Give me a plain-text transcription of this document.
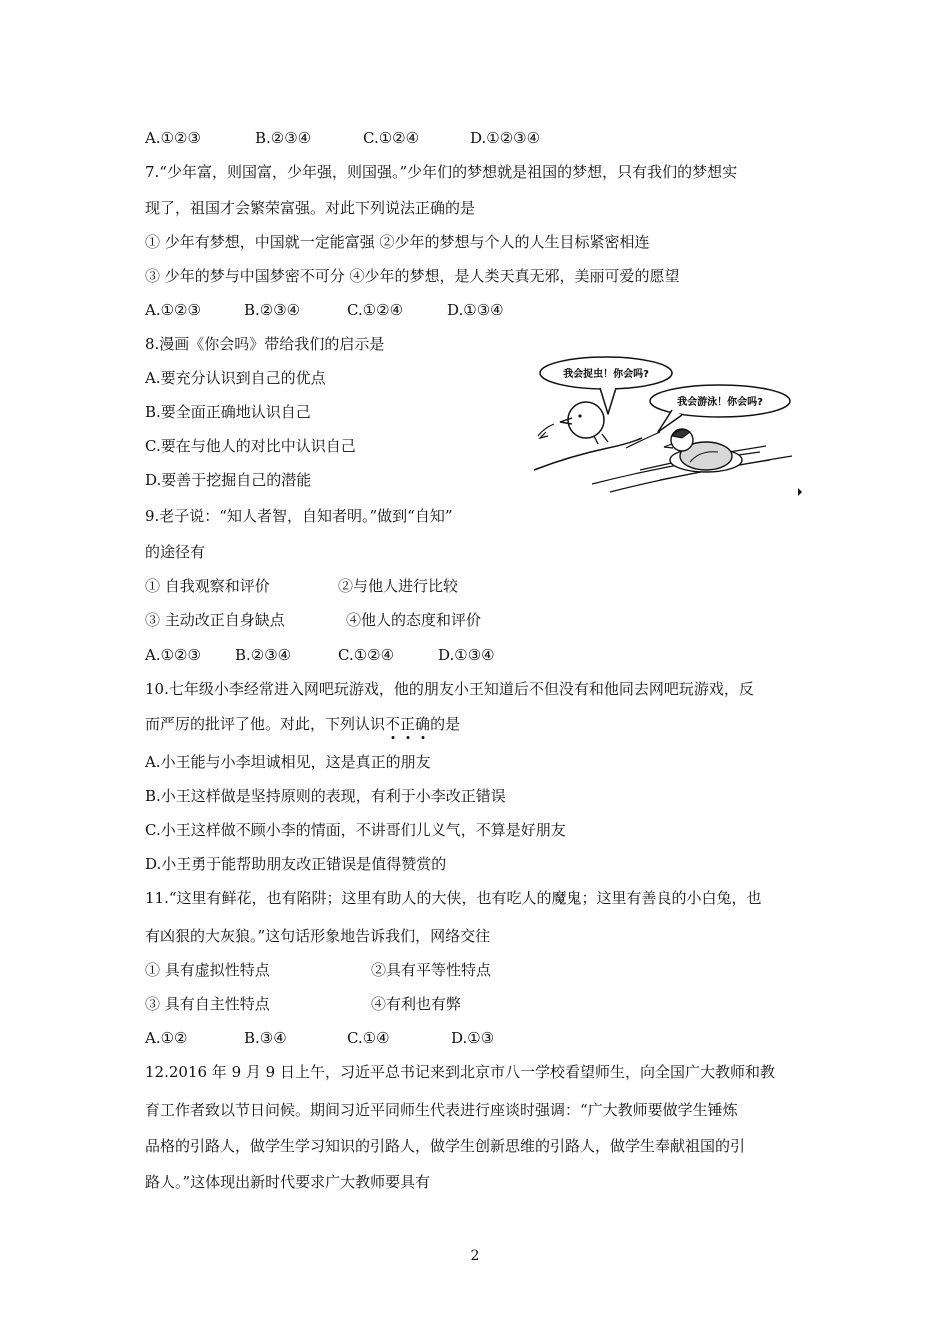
A.①②③	B.②③④	C.①②④	D.①②③④
7.“少年富，则国富，少年强，则国强。”少年们的梦想就是祖国的梦想，只有我们的梦想实
现了，祖国才会繁荣富强。对此下列说法正确的是
① 少年有梦想，中国就一定能富强 ②少年的梦想与个人的人生目标紧密相连
③ 少年的梦与中国梦密不可分 ④少年的梦想，是人类天真无邪，美丽可爱的愿望
A.①②③	B.②③④	C.①②④	D.①③④
8.漫画《你会吗》带给我们的启示是
A.要充分认识到自己的优点
B.要全面正确地认识自己
C.要在与他人的对比中认识自己
D.要善于挖掘自己的潜能
我会捉虫！你会吗?
我会游泳！你会吗?
9.老子说：“知人者智，自知者明。”做到“自知”
的途径有
① 自我观察和评价	②与他人进行比较
③ 主动改正自身缺点	④他人的态度和评价
A.①②③ B.②③④	C.①②④	D.①③④
10.七年级小李经常进入网吧玩游戏，他的朋友小王知道后不但没有和他同去网吧玩游戏，反
而严厉的批评了他。对此，下列认识不正确的是
A.小王能与小李坦诚相见，这是真正的朋友
B.小王这样做是坚持原则的表现，有利于小李改正错误
C.小王这样做不顾小李的情面，不讲哥们儿义气，不算是好朋友
D.小王勇于能帮助朋友改正错误是值得赞赏的
11.“这里有鲜花，也有陷阱；这里有助人的大侠，也有吃人的魔鬼；这里有善良的小白兔，也
有凶狠的大灰狼。”这句话形象地告诉我们，网络交往
① 具有虚拟性特点	②具有平等性特点
③ 具有自主性特点	④有利也有弊
A.①②	B.③④	C.①④	D.①③
12.2016 年 9 月 9 日上午，习近平总书记来到北京市八一学校看望师生，向全国广大教师和教
育工作者致以节日问候。期间习近平同师生代表进行座谈时强调：“广大教师要做学生锤炼
品格的引路人，做学生学习知识的引路人，做学生创新思维的引路人，做学生奉献祖国的引
路人。”这体现出新时代要求广大教师要具有
2
